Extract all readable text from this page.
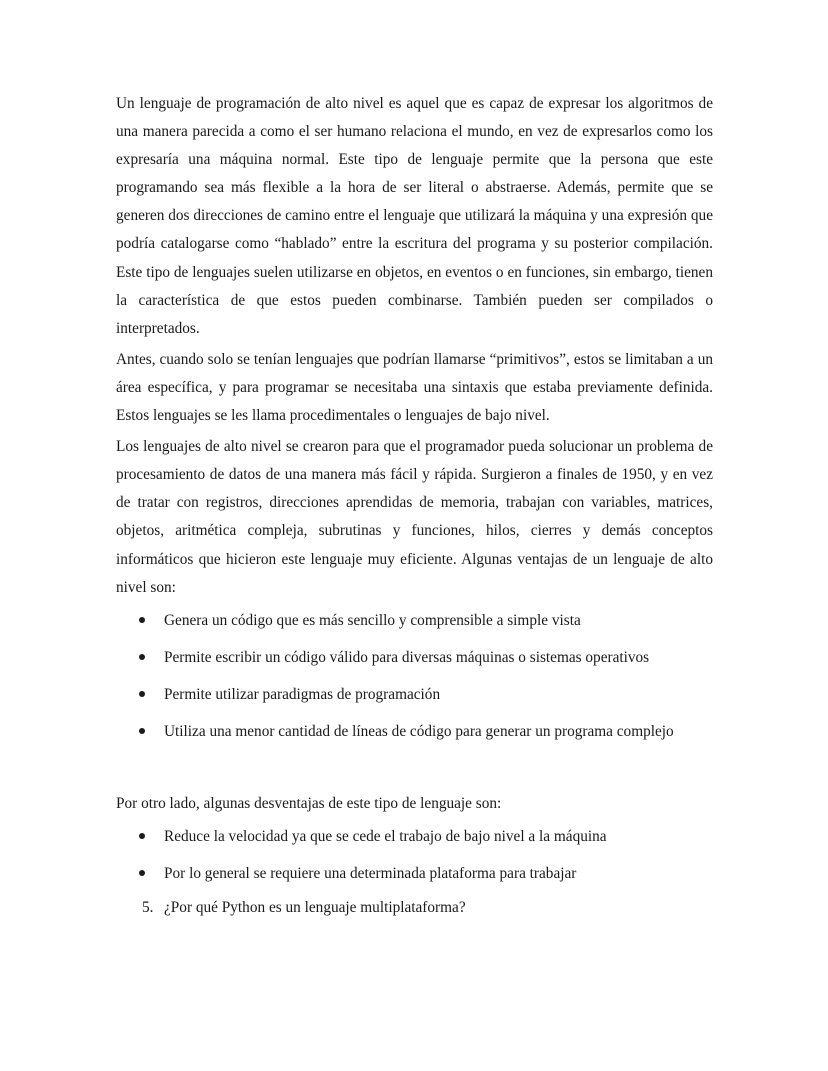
Un lenguaje de programación de alto nivel es aquel que es capaz de expresar los algoritmos de una manera parecida a como el ser humano relaciona el mundo, en vez de expresarlos como los expresaría una máquina normal. Este tipo de lenguaje permite que la persona que este programando sea más flexible a la hora de ser literal o abstraerse. Además, permite que se generen dos direcciones de camino entre el lenguaje que utilizará la máquina y una expresión que podría catalogarse como “hablado” entre la escritura del programa y su posterior compilación. Este tipo de lenguajes suelen utilizarse en objetos, en eventos o en funciones, sin embargo, tienen la característica de que estos pueden combinarse. También pueden ser compilados o interpretados.

Antes, cuando solo se tenían lenguajes que podrían llamarse “primitivos”, estos se limitaban a un área específica, y para programar se necesitaba una sintaxis que estaba previamente definida. Estos lenguajes se les llama procedimentales o lenguajes de bajo nivel.

Los lenguajes de alto nivel se crearon para que el programador pueda solucionar un problema de procesamiento de datos de una manera más fácil y rápida. Surgieron a finales de 1950, y en vez de tratar con registros, direcciones aprendidas de memoria, trabajan con variables, matrices, objetos, aritmética compleja, subrutinas y funciones, hilos, cierres y demás conceptos informáticos que hicieron este lenguaje muy eficiente. Algunas ventajas de un lenguaje de alto nivel son:

Genera un código que es más sencillo y comprensible a simple vista
Permite escribir un código válido para diversas máquinas o sistemas operativos
Permite utilizar paradigmas de programación
Utiliza una menor cantidad de líneas de código para generar un programa complejo

Por otro lado, algunas desventajas de este tipo de lenguaje son:

Reduce la velocidad ya que se cede el trabajo de bajo nivel a la máquina
Por lo general se requiere una determinada plataforma para trabajar
5. ¿Por qué Python es un lenguaje multiplataforma?
